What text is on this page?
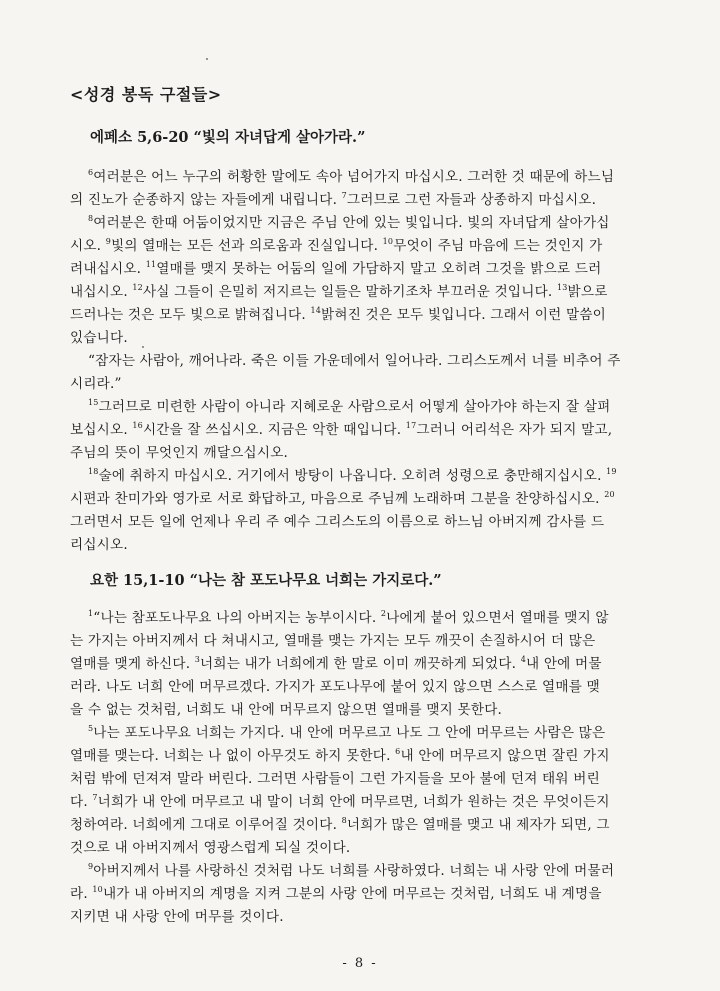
<성경 봉독 구절들>
에페소 5,6-20 “빛의 자녀답게 살아가라.”
$^6$여러분은 어느 누구의 허황한 말에도 속아 넘어가지 마십시오. 그러한 것 때문에 하느님
의 진노가 순종하지 않는 자들에게 내립니다. $^7$그러므로 그런 자들과 상종하지 마십시오.
$^8$여러분은 한때 어둠이었지만 지금은 주님 안에 있는 빛입니다. 빛의 자녀답게 살아가십
시오. $^9$빛의 열매는 모든 선과 의로움과 진실입니다. $^{10}$무엇이 주님 마음에 드는 것인지 가
려내십시오. $^{11}$열매를 맺지 못하는 어둠의 일에 가담하지 말고 오히려 그것을 밝으로 드러
내십시오. $^{12}$사실 그들이 은밀히 저지르는 일들은 말하기조차 부끄러운 것입니다. $^{13}$밝으로
드러나는 것은 모두 빛으로 밝혀집니다. $^{14}$밝혀진 것은 모두 빛입니다. 그래서 이런 말씀이
있습니다.
“잠자는 사람아, 깨어나라. 죽은 이들 가운데에서 일어나라. 그리스도께서 너를 비추어 주
시리라.”
$^{15}$그러므로 미련한 사람이 아니라 지혜로운 사람으로서 어떻게 살아가야 하는지 잘 살펴
보십시오. $^{16}$시간을 잘 쓰십시오. 지금은 악한 때입니다. $^{17}$그러니 어리석은 자가 되지 말고,
주님의 뜻이 무엇인지 깨달으십시오.
$^{18}$술에 취하지 마십시오. 거기에서 방탕이 나옵니다. 오히려 성령으로 충만해지십시오. $^{19}$
시편과 찬미가와 영가로 서로 화답하고, 마음으로 주님께 노래하며 그분을 찬양하십시오. $^{20}$
그러면서 모든 일에 언제나 우리 주 예수 그리스도의 이름으로 하느님 아버지께 감사를 드
리십시오.
요한 15,1-10 “나는 참 포도나무요 너희는 가지로다.”
$^1$“나는 참포도나무요 나의 아버지는 농부이시다. $^2$나에게 붙어 있으면서 열매를 맺지 않
는 가지는 아버지께서 다 쳐내시고, 열매를 맺는 가지는 모두 깨끗이 손질하시어 더 많은
열매를 맺게 하신다. $^3$너희는 내가 너희에게 한 말로 이미 깨끗하게 되었다. $^4$내 안에 머물
러라. 나도 너희 안에 머무르겠다. 가지가 포도나무에 붙어 있지 않으면 스스로 열매를 맺
을 수 없는 것처럼, 너희도 내 안에 머무르지 않으면 열매를 맺지 못한다.
$^5$나는 포도나무요 너희는 가지다. 내 안에 머무르고 나도 그 안에 머무르는 사람은 많은
열매를 맺는다. 너희는 나 없이 아무것도 하지 못한다. $^6$내 안에 머무르지 않으면 잘린 가지
처럼 밖에 던져져 말라 버린다. 그러면 사람들이 그런 가지들을 모아 불에 던져 태워 버린
다. $^7$너희가 내 안에 머무르고 내 말이 너희 안에 머무르면, 너희가 원하는 것은 무엇이든지
청하여라. 너희에게 그대로 이루어질 것이다. $^8$너희가 많은 열매를 맺고 내 제자가 되면, 그
것으로 내 아버지께서 영광스럽게 되실 것이다.
$^9$아버지께서 나를 사랑하신 것처럼 나도 너희를 사랑하였다. 너희는 내 사랑 안에 머물러
라. $^{10}$내가 내 아버지의 계명을 지켜 그분의 사랑 안에 머무르는 것처럼, 너희도 내 계명을
지키면 내 사랑 안에 머무를 것이다.
- 8 -
